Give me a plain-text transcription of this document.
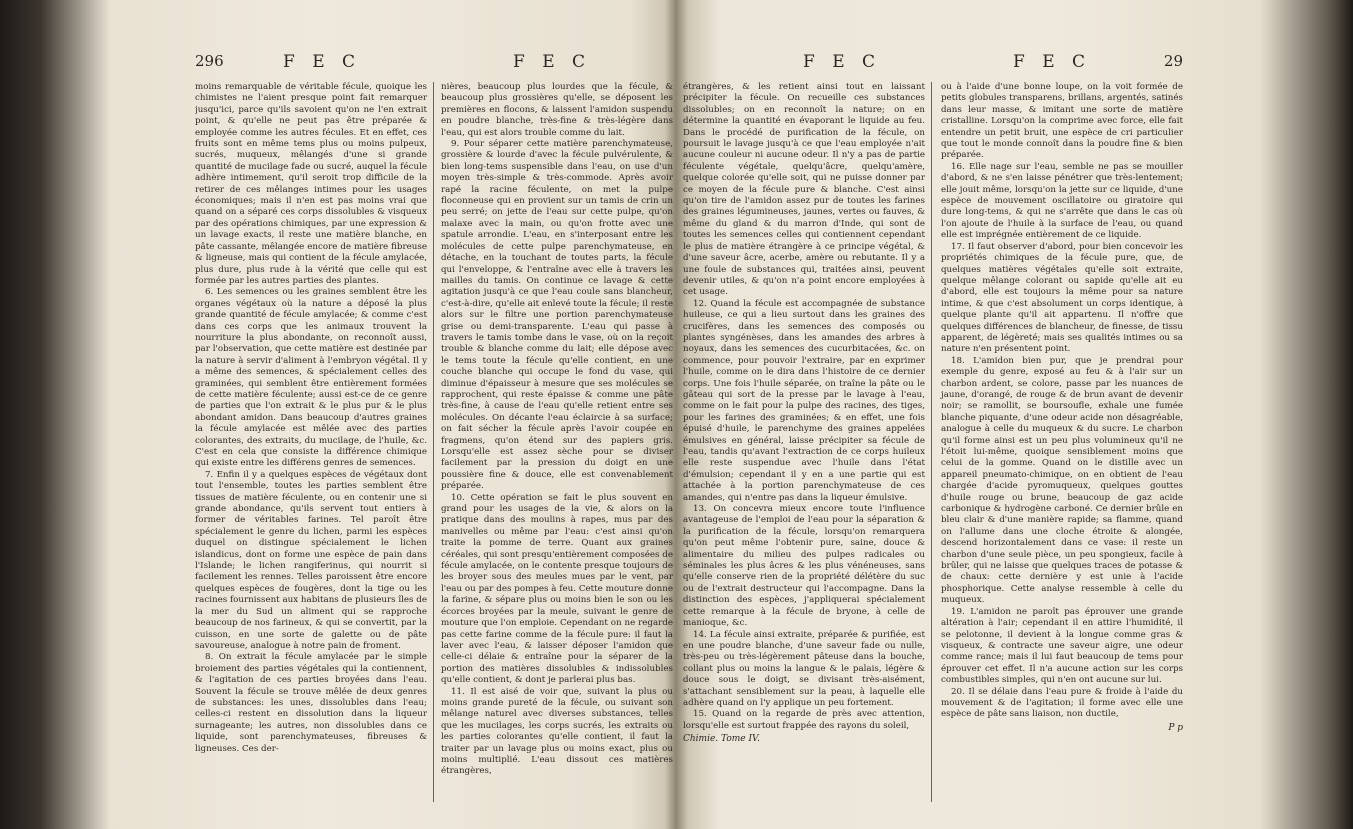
296	F E C	F E C

moins remarquable de véritable fécule, quoique les chimistes ne l'aient presque point fait remarquer jusqu'ici, parce qu'ils savoient qu'on ne l'en extrait point, & qu'elle ne peut pas être préparée & employée comme les autres fécules. Et en effet, ces fruits sont en même tems plus ou moins pulpeux, sucrés, muqueux, mêlangés d'une si grande quantité de mucilage fade ou sucré, auquel la fécule adhère intimement, qu'il seroit trop difficile de la retirer de ces mêlanges intimes pour les usages économiques; mais il n'en est pas moins vrai que quand on a séparé ces corps dissolubles & visqueux par des opérations chimiques, par une expression & un lavage exacts, il reste une matière blanche, en pâte cassante, mêlangée encore de matière fibreuse & ligneuse, mais qui contient de la fécule amylacée, plus dure, plus rude à la vérité que celle qui est formée par les autres parties des plantes.

6. Les semences ou les graines semblent être les organes végétaux où la nature a déposé la plus grande quantité de fécule amylacée; & comme c'est dans ces corps que les animaux trouvent la nourriture la plus abondante, on reconnoît aussi, par l'observation, que cette matière est destinée par la nature à servir d'aliment à l'embryon végétal. Il y a même des semences, & spécialement celles des graminées, qui semblent être entièrement formées de cette matière féculente; aussi est-ce de ce genre de parties que l'on extrait & le plus pur & le plus abondant amidon. Dans beaucoup d'autres graines la fécule amylacée est mêlée avec des parties colorantes, des extraits, du mucilage, de l'huile, &c. C'est en cela que consiste la différence chimique qui existe entre les différens genres de semences.

7. Enfin il y a quelques espèces de végétaux dont tout l'ensemble, toutes les parties semblent être tissues de matière féculente, ou en contenir une si grande abondance, qu'ils servent tout entiers à former de véritables farines. Tel paroît être spécialement le genre du lichen, parmi les espèces duquel on distingue spécialement le lichen islandicus, dont on forme une espèce de pain dans l'Islande; le lichen rangiferinus, qui nourrit si facilement les rennes. Telles paroissent être encore quelques espèces de fougères, dont la tige ou les racines fournissent aux habitans de plusieurs îles de la mer du Sud un aliment qui se rapproche beaucoup de nos farineux, & qui se convertit, par la cuisson, en une sorte de galette ou de pâte savoureuse, analogue à notre pain de froment.

8. On extrait la fécule amylacée par le simple broiement des parties végétales qui la contiennent, & l'agitation de ces parties broyées dans l'eau. Souvent la fécule se trouve mêlée de deux genres de substances: les unes, dissolubles dans l'eau; celles-ci restent en dissolution dans la liqueur surnageante; les autres, non dissolubles dans ce liquide, sont parenchymateuses, fibreuses & ligneuses. Ces der-

nières, beaucoup plus lourdes que la fécule, & beaucoup plus grossières qu'elle, se déposent les premières en flocons, & laissent l'amidon suspendu en poudre blanche, très-fine & très-légère dans l'eau, qui est alors trouble comme du lait.

9. Pour séparer cette matière parenchymateuse, grossière & lourde d'avec la fécule pulvérulente, & bien long-tems suspensible dans l'eau, on use d'un moyen très-simple & très-commode. Après avoir rapé la racine féculente, on met la pulpe floconneuse qui en provient sur un tamis de crin un peu serré; on jette de l'eau sur cette pulpe, qu'on malaxe avec la main, ou qu'on frotte avec une spatule arrondie. L'eau, en s'interposant entre les molécules de cette pulpe parenchymateuse, en détache, en la touchant de toutes parts, la fécule qui l'enveloppe, & l'entraîne avec elle à travers les mailles du tamis. On continue ce lavage & cette agitation jusqu'à ce que l'eau coule sans blancheur, c'est-à-dire, qu'elle ait enlevé toute la fécule; il reste alors sur le filtre une portion parenchymateuse grise ou demi-transparente. L'eau qui passe à travers le tamis tombe dans le vase, où on la reçoit trouble & blanche comme du lait; elle dépose avec le tems toute la fécule qu'elle contient, en une couche blanche qui occupe le fond du vase, qui diminue d'épaisseur à mesure que ses molécules se rapprochent, qui reste épaisse & comme une pâte très-fine, à cause de l'eau qu'elle retient entre ses molécules. On décante l'eau éclaircie à sa surface; on fait sécher la fécule après l'avoir coupée en fragmens, qu'on étend sur des papiers gris. Lorsqu'elle est assez sèche pour se diviser facilement par la pression du doigt en une poussière fine & douce, elle est convenablement préparée.

10. Cette opération se fait le plus souvent en grand pour les usages de la vie, & alors on la pratique dans des moulins à rapes, mus par des manivelles ou même par l'eau: c'est ainsi qu'on traite la pomme de terre. Quant aux graines céréales, qui sont presqu'entièrement composées de fécule amylacée, on le contente presque toujours de les broyer sous des meules mues par le vent, par l'eau ou par des pompes à feu. Cette mouture donne la farine, & sépare plus ou moins bien le son ou les écorces broyées par la meule, suivant le genre de mouture que l'on emploie. Cependant on ne regarde pas cette farine comme de la fécule pure: il faut la laver avec l'eau, & laisser déposer l'amidon que celle-ci délaie & entraîne pour la séparer de la portion des matières dissolubles & indissolubles qu'elle contient, & dont je parlerai plus bas.

11. Il est aisé de voir que, suivant la plus ou moins grande pureté de la fécule, ou suivant son mêlange naturel avec diverses substances, telles que les mucilages, les corps sucrés, les extraits ou les parties colorantes qu'elle contient, il faut la traiter par un lavage plus ou moins exact, plus ou moins multiplié. L'eau dissout ces matières étrangères,

F E C	F E C	29

étrangères, & les retient ainsi tout en laissant précipiter la fécule. On recueille ces substances dissolubles; on en reconnoît la nature; on en détermine la quantité en évaporant le liquide au feu. Dans le procédé de purification de la fécule, on poursuit le lavage jusqu'à ce que l'eau employée n'ait aucune couleur ni aucune odeur. Il n'y a pas de partie féculente végétale, quelqu'âcre, quelqu'amère, quelque colorée qu'elle soit, qui ne puisse donner par ce moyen de la fécule pure & blanche. C'est ainsi qu'on tire de l'amidon assez pur de toutes les farines des graines légumineuses, jaunes, vertes ou fauves, & même du gland & du marron d'Inde, qui sont de toutes les semences celles qui contiennent cependant le plus de matière étrangère à ce principe végétal, & d'une saveur âcre, acerbe, amère ou rebutante. Il y a une foule de substances qui, traitées ainsi, peuvent devenir utiles, & qu'on n'a point encore employées à cet usage.

12. Quand la fécule est accompagnée de substance huileuse, ce qui a lieu surtout dans les graines des crucifères, dans les semences des composés ou plantes syngénèses, dans les amandes des arbres à noyaux, dans les semences des cucurbitacées, &c. on commence, pour pouvoir l'extraire, par en exprimer l'huile, comme on le dira dans l'histoire de ce dernier corps. Une fois l'huile séparée, on traîne la pâte ou le gâteau qui sort de la presse par le lavage à l'eau, comme on le fait pour la pulpe des racines, des tiges, pour les farines des graminées; & en effet, une fois épuisé d'huile, le parenchyme des graines appelées émulsives en général, laisse précipiter sa fécule de l'eau, tandis qu'avant l'extraction de ce corps huileux elle reste suspendue avec l'huile dans l'état d'émulsion; cependant il y en a une partie qui est attachée à la portion parenchymateuse de ces amandes, qui n'entre pas dans la liqueur émulsive.

13. On concevra mieux encore toute l'influence avantageuse de l'emploi de l'eau pour la séparation & la purification de la fécule, lorsqu'on remarquera qu'on peut même l'obtenir pure, saine, douce & alimentaire du milieu des pulpes radicales ou séminales les plus âcres & les plus vénéneuses, sans qu'elle conserve rien de la propriété délétère du suc ou de l'extrait destructeur qui l'accompagne. Dans la distinction des espèces, j'appliquerai spécialement cette remarque à la fécule de bryone, à celle de manioque, &c.

14. La fécule ainsi extraite, préparée & purifiée, est en une poudre blanche, d'une saveur fade ou nulle, très-peu ou très-légèrement pâteuse dans la bouche, collant plus ou moins la langue & le palais, légère & douce sous le doigt, se divisant très-aisément, s'attachant sensiblement sur la peau, à laquelle elle adhère quand on l'y applique un peu fortement.

15. Quand on la regarde de près avec attention, lorsqu'elle est surtout frappée des rayons du soleil,

Chimie. Tome IV.

ou à l'aide d'une bonne loupe, on la voit formée de petits globules transparens, brillans, argentés, satinés dans leur masse, & imitant une sorte de matière cristalline. Lorsqu'on la comprime avec force, elle fait entendre un petit bruit, une espèce de cri particulier que tout le monde connoît dans la poudre fine & bien préparée.

16. Elle nage sur l'eau, semble ne pas se mouiller d'abord, & ne s'en laisse pénétrer que très-lentement; elle jouit même, lorsqu'on la jette sur ce liquide, d'une espèce de mouvement oscillatoire ou giratoire qui dure long-tems, & qui ne s'arrête que dans le cas où l'on ajoute de l'huile à la surface de l'eau, ou quand elle est imprégnée entièrement de ce liquide.

17. Il faut observer d'abord, pour bien concevoir les propriétés chimiques de la fécule pure, que, de quelques matières végétales qu'elle soit extraite, quelque mêlange colorant ou sapide qu'elle ait eu d'abord, elle est toujours la même pour sa nature intime, & que c'est absolument un corps identique, à quelque plante qu'il ait appartenu. Il n'offre que quelques différences de blancheur, de finesse, de tissu apparent, de légèreté; mais ses qualités intimes ou sa nature n'en présentent point.

18. L'amidon bien pur, que je prendrai pour exemple du genre, exposé au feu & à l'air sur un charbon ardent, se colore, passe par les nuances de jaune, d'orangé, de rouge & de brun avant de devenir noir; se ramollit, se boursoufle, exhale une fumée blanche piquante, d'une odeur acide non désagréable, analogue à celle du muqueux & du sucre. Le charbon qu'il forme ainsi est un peu plus volumineux qu'il ne l'étoit lui-même, quoique sensiblement moins que celui de la gomme. Quand on le distille avec un appareil pneumato-chimique, on en obtient de l'eau chargée d'acide pyromuqueux, quelques gouttes d'huile rouge ou brune, beaucoup de gaz acide carbonique & hydrogène carboné. Ce dernier brûle en bleu clair & d'une manière rapide; sa flamme, quand on l'allume dans une cloche étroite & alongée, descend horizontalement dans ce vase: il reste un charbon d'une seule pièce, un peu spongieux, facile à brûler, qui ne laisse que quelques traces de potasse & de chaux: cette dernière y est unie à l'acide phosphorique. Cette analyse ressemble à celle du muqueux.

19. L'amidon ne paroît pas éprouver une grande altération à l'air; cependant il en attire l'humidité, il se pelotonne, il devient à la longue comme gras & visqueux, & contracte une saveur aigre, une odeur comme rance; mais il lui faut beaucoup de tems pour éprouver cet effet. Il n'a aucune action sur les corps combustibles simples, qui n'en ont aucune sur lui.

20. Il se délaie dans l'eau pure & froide à l'aide du mouvement & de l'agitation; il forme avec elle une espèce de pâte sans liaison, non ductile,

P p
